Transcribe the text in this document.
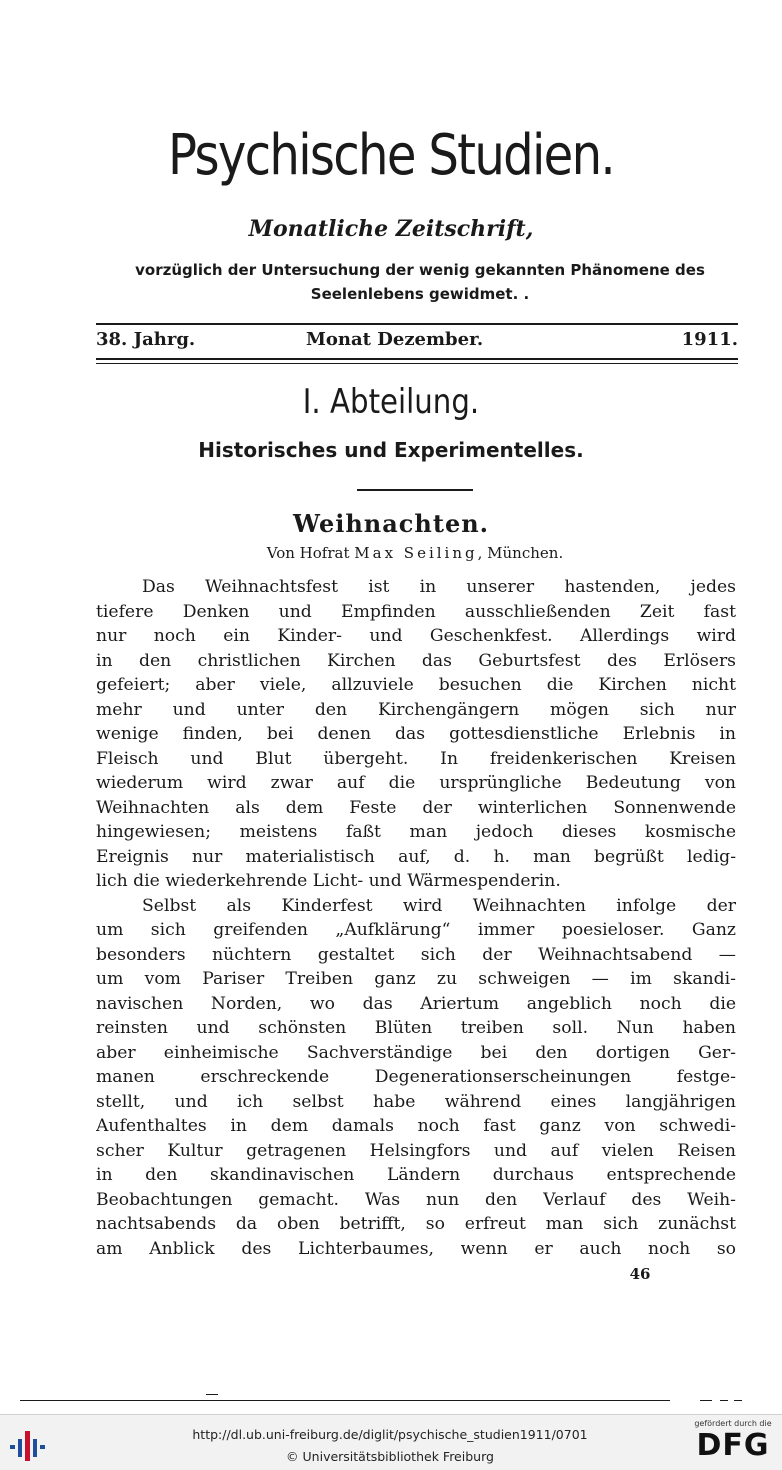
Psychische Studien.
Monatliche Zeitschrift,
vorzüglich der Untersuchung der wenig gekannten Phänomene des
Seelenlebens gewidmet. .
38. Jahrg.	Monat Dezember.	1911.
I. Abteilung.
Historisches und Experimentelles.
Weihnachten.
Von Hofrat Max Seiling, München.
Das Weihnachtsfest ist in unserer hastenden, jedes
tiefere Denken und Empfinden ausschließenden Zeit fast
nur noch ein Kinder- und Geschenkfest. Allerdings wird
in den christlichen Kirchen das Geburtsfest des Erlösers
gefeiert; aber viele, allzuviele besuchen die Kirchen nicht
mehr und unter den Kirchengängern mögen sich nur
wenige finden, bei denen das gottesdienstliche Erlebnis in
Fleisch und Blut übergeht. In freidenkerischen Kreisen
wiederum wird zwar auf die ursprüngliche Bedeutung von
Weihnachten als dem Feste der winterlichen Sonnenwende
hingewiesen; meistens faßt man jedoch dieses kosmische
Ereignis nur materialistisch auf, d. h. man begrüßt ledig-
lich die wiederkehrende Licht- und Wärmespenderin.
Selbst als Kinderfest wird Weihnachten infolge der
um sich greifenden „Aufklärung“ immer poesieloser. Ganz
besonders nüchtern gestaltet sich der Weihnachtsabend —
um vom Pariser Treiben ganz zu schweigen — im skandi-
navischen Norden, wo das Ariertum angeblich noch die
reinsten und schönsten Blüten treiben soll. Nun haben
aber einheimische Sachverständige bei den dortigen Ger-
manen erschreckende Degenerationserscheinungen festge-
stellt, und ich selbst habe während eines langjährigen
Aufenthaltes in dem damals noch fast ganz von schwedi-
scher Kultur getragenen Helsingfors und auf vielen Reisen
in den skandinavischen Ländern durchaus entsprechende
Beobachtungen gemacht. Was nun den Verlauf des Weih-
nachtsabends da oben betrifft, so erfreut man sich zunächst
am Anblick des Lichterbaumes, wenn er auch noch so
46
http://dl.ub.uni-freiburg.de/diglit/psychische_studien1911/0701
© Universitätsbibliothek Freiburg
gefördert durch die
DFG
